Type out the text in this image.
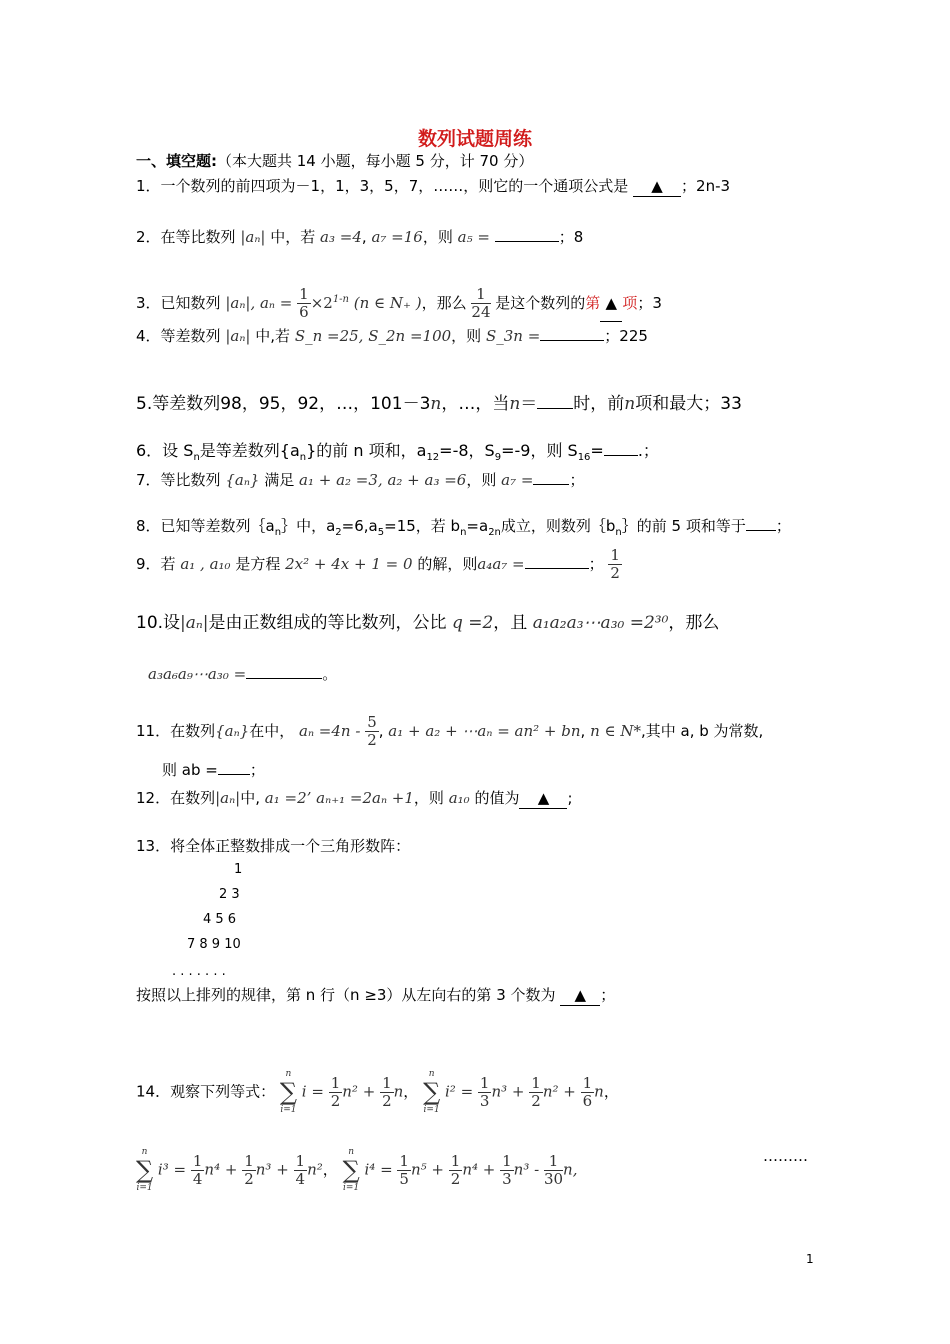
数列试题周练
一、填空题:（本大题共 14 小题，每小题 5 分，计 70 分）
1．一个数列的前四项为－1，1，3，5，7，……，则它的一个通项公式是 ▲ ；2n-3
2．在等比数列 |aₙ| 中，若 a₃ =4, a₇ =16，则 a₅ =	；8
3．已知数列 |aₙ|, $a_n = \frac{1}{6} \times 2^{1-n}$ (n ∈ N₊ )，那么 $\frac{1}{24}$ 是这个数列的第 ▲ 项；3
4．等差数列 |aₙ| 中,若 S_n =25, S_2n =100，则 S_3n =	；225
5.等差数列98，95，92，…，101－3n，…，当n＝ 时，前n项和最大；33
6．设 $S_n$是等差数列$\{a_n\}$的前 n 项和，$a_{12}=-8$，$S_9=-9$，则 $S_{16}=$ .；
7．等比数列 {aₙ} 满足 a₁ + a₂ =3, a₂ + a₃ =6，则 a₇ = ；
8．已知等差数列$\{a_n\}$中，$a_2=6,a_5=15$，若 $b_n=a_{2n}$成立，则数列$\{b_n\}$的前 5 项和等于 ；
9．若 a₁ , a₁₀ 是方程 2x² + 4x + 1 = 0 的解，则a₄a₇ =	； $\frac{1}{2}$
10.设|aₙ|是由正数组成的等比数列，公比 q =2，且 a₁a₂a₃⋯a₃₀ =2³⁰，那么
a₃a₆a₉⋯a₃₀ =	。
11．在数列{aₙ}在中， $a_n =4n - \frac{5}{2}$ , a₁ + a₂ + ⋯aₙ = an² + bn, n ∈ N*,其中 a, b 为常数,
则 ab = ；
12．在数列|aₙ|中, a₁ =2’ aₙ₊₁ =2aₙ +1，则 a₁₀ 的值为 ▲ ;
13．将全体正整数排成一个三角形数阵：
1
2 3
4 5 6
7 8 9 10
. . . . . . .
按照以上排列的规律，第 n 行（n ≥3）从左向右的第 3 个数为 ▲ ；
14．观察下列等式：
n
∑
i=1
$i = \frac{1}{2} n^2 + \frac{1}{2}$ n，
n
∑
i=1
$i^2 = \frac{1}{3} n^3 + \frac{1}{2} n^2 + \frac{1}{6}$ n，
n
∑
i=1
$i^3 = \frac{1}{4} n^4 + \frac{1}{2} n^3 + \frac{1}{4} n^2$，
n
∑
i=1
$i^4 = \frac{1}{5} n^5 + \frac{1}{2} n^4 + \frac{1}{3} n^3 - \frac{1}{30} n$,
………
1
